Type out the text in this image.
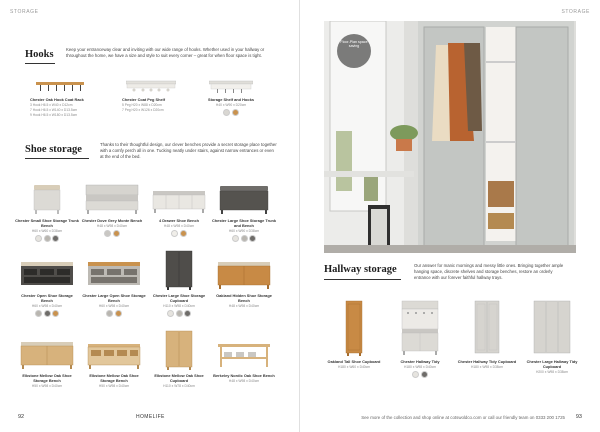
STORAGE
Hooks	Keep your entranceway clear and inviting with our wide range of hooks. Whether used in your hallway or throughout the home, we have a size and style to suit every corner – great for when floor space is tight.
Chester Oak Hook Coat Rack
3 Hook H6.5 x W40 x D12cm
7 Hook H6.5 x W140 x D13.5cm
9 Hook H6.5 x W180 x D13.5cm
Chester Coat Peg Shelf
5 Peg H20 x W88 x D20cm
7 Peg H20 x W126 x D20cm
Storage Shelf and Hooks
H40 x W90 x D20cm
Shoe storage	Thanks to their thoughtful design, our clever benches provide a secret storage place together with a comfy perch all in one. Tucking neatly under stairs, against narrow entrances or even at the end of the bed.
Chester Small Shoe Storage Trunk Bench
H60 x W60 x D38cm
Chester Dove Grey Monte Bench
H48 x W98 x D40cm
4 Drawer Shoe Bench
H48 x W98 x D40cm
Chester Large Shoe Storage Trunk and Bench
H60 x W90 x D38cm
Chester Open Shoe Storage Bench
H60 x W98 x D40cm
Chester Large Open Shoe Storage Bench
H60 x W98 x D40cm
Chester Large Shoe Storage Cupboard
H110 x W98 x D40cm
Oakland Hidden Shoe Storage Bench
H48 x W98 x D40cm
Elkstone Mellow Oak Shoe Storage Bench
H50 x W98 x D40cm
Elkstone Mellow Oak Shoe Storage Bench
H50 x W98 x D40cm
Elkstone Mellow Oak Shoe Cupboard
H110 x W78 x D40cm
Berkeley Nordic Oak Shoe Bench
H48 x W98 x D40cm
92	HOMELIFE
STORAGE
Floor-Plan space saving
Hallway storage	Our answer for manic mornings and messy little ones. Bringing together ample hanging space, discrete shelves and storage benches, restore an orderly entrance with our forever faithful hallway trays.
Oakland Tall Shoe Cupboard
H180 x W60 x D40cm
Chester Hallway Tidy
H180 x W98 x D40cm
Chester Hallway Tidy Cupboard
H180 x W98 x D38cm
Chester Large Hallway Tidy Cupboard
H200 x W98 x D38cm
See more of the collection and shop online at cotswoldco.com or call our friendly team on 0333 200 1725 93
